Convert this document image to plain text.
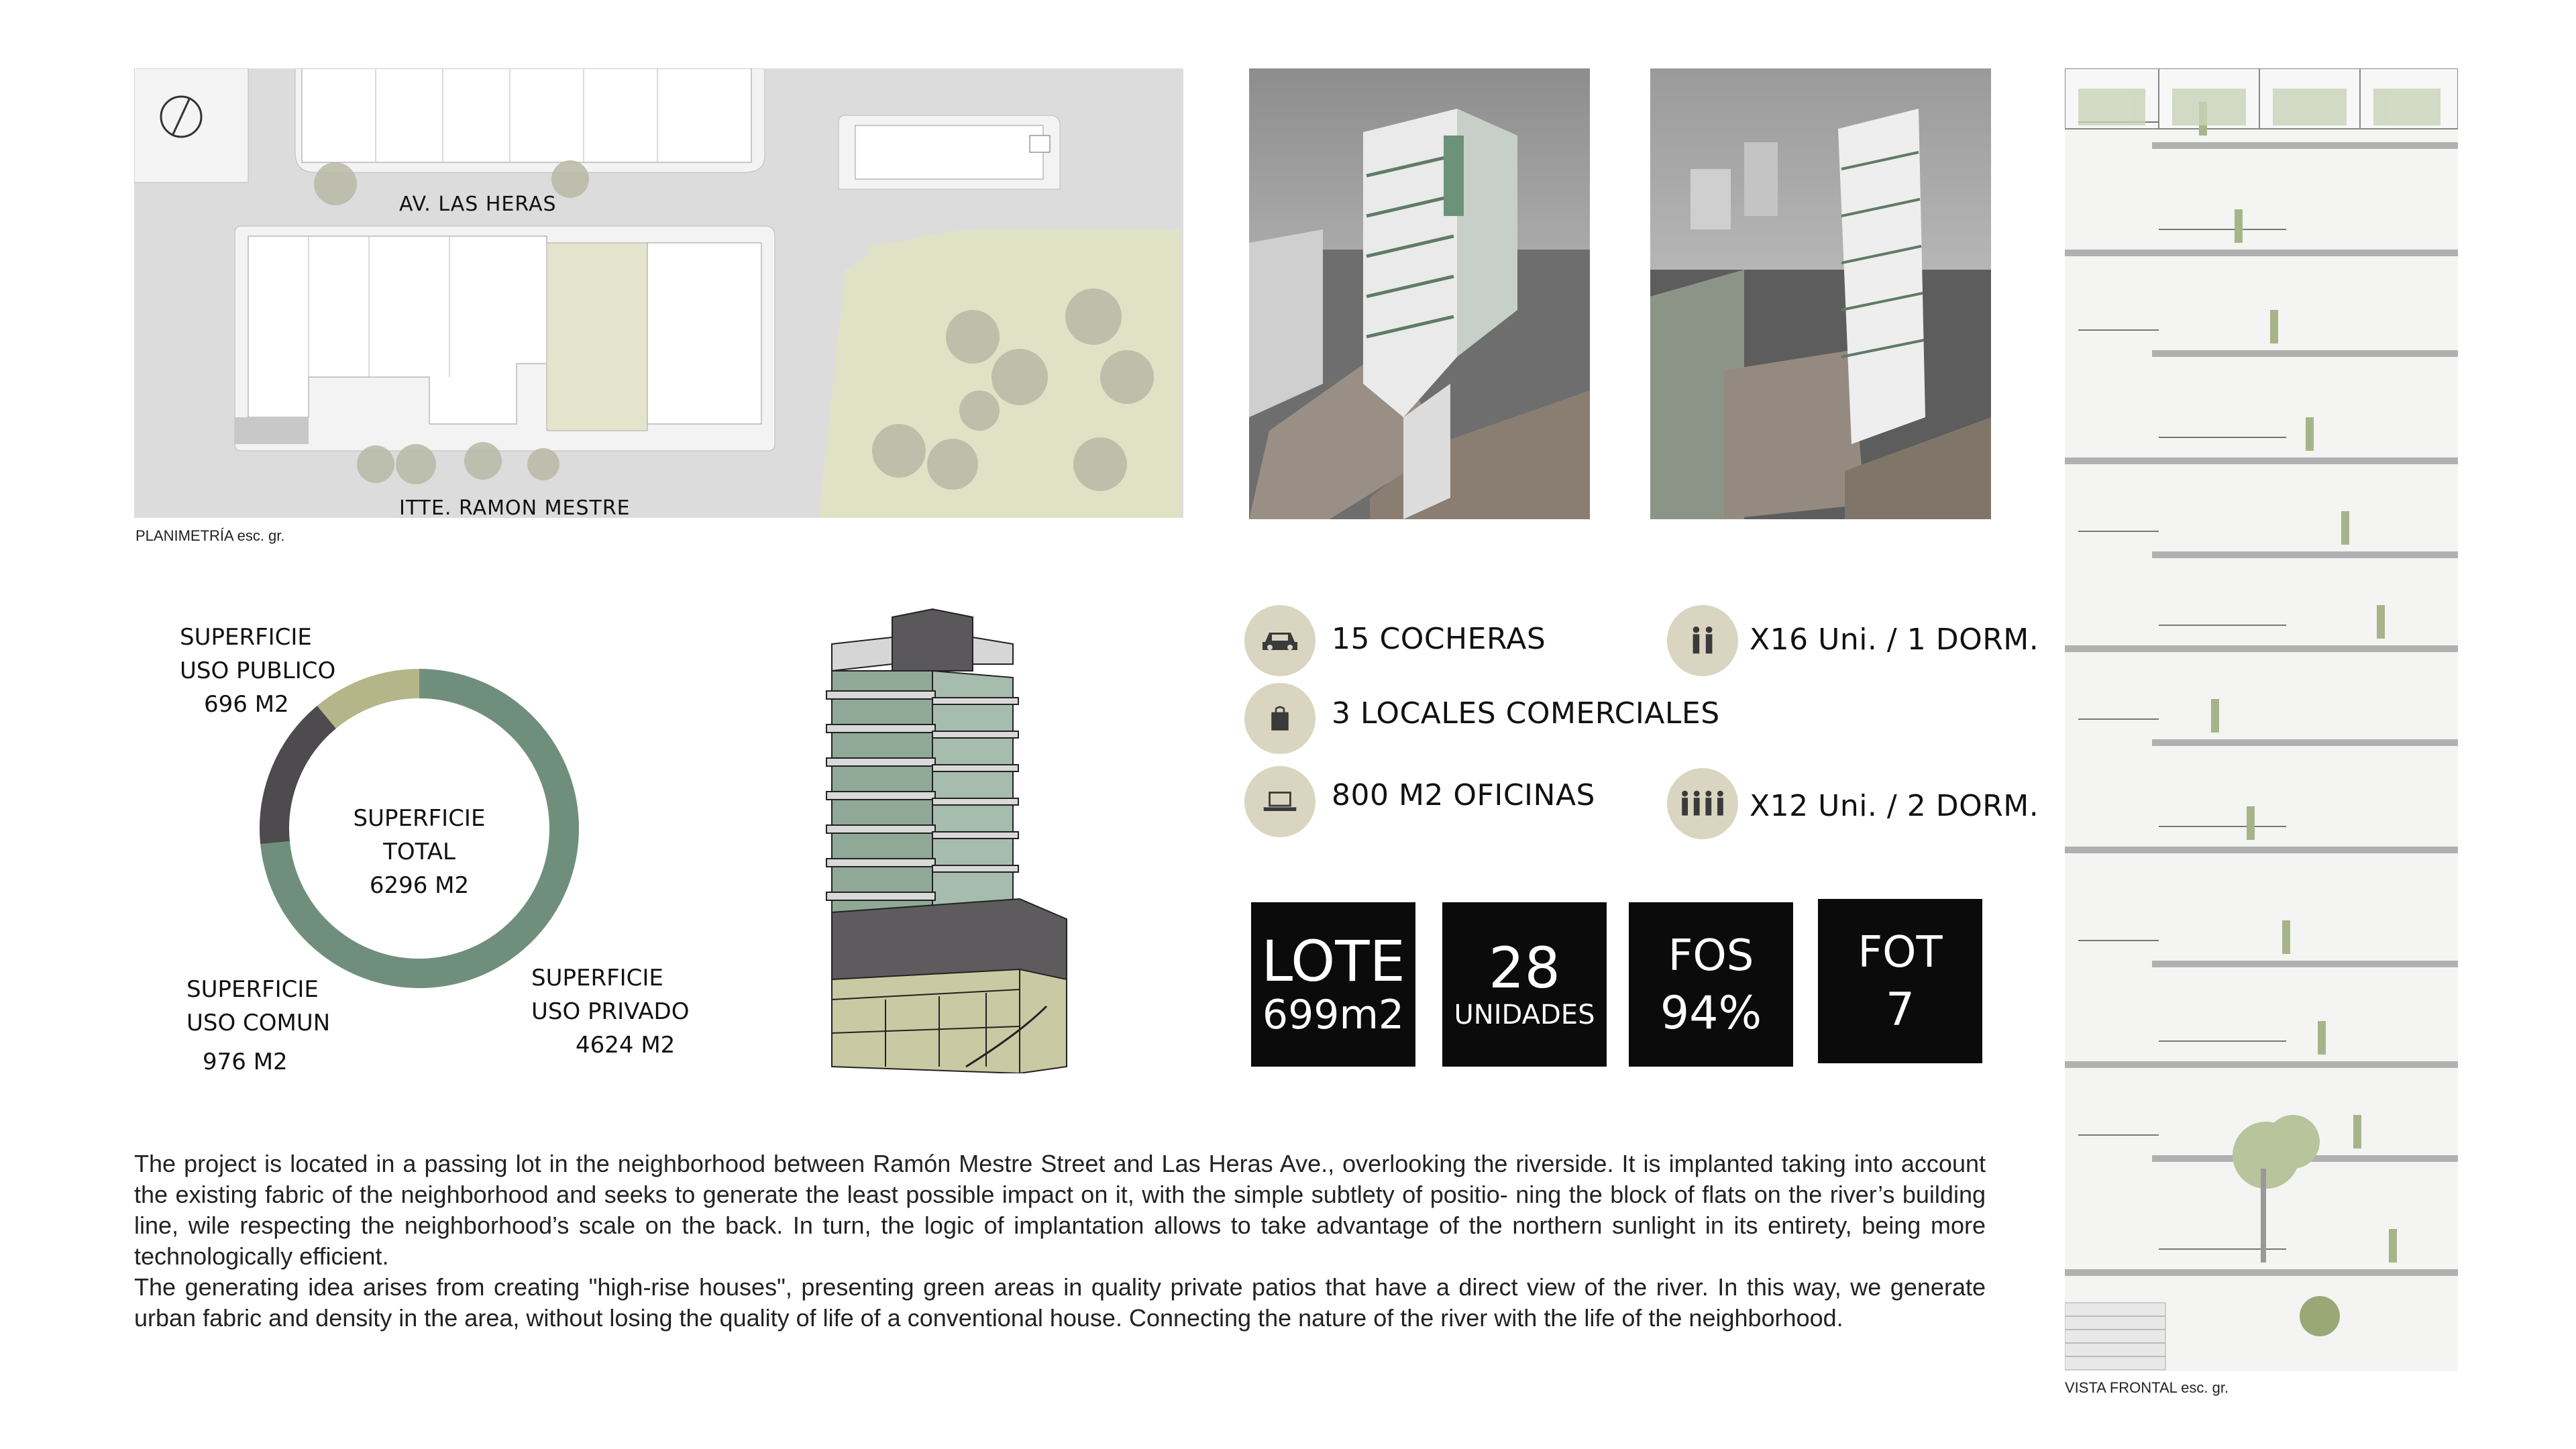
AV. LAS HERAS
ITTE. RAMON MESTRE
PLANIMETRÍA esc. gr.
SUPERFICIE TOTAL
6296 M2
SUPERFICIE
USO PUBLICO
696 M2
SUPERFICIE
USO PRIVADO
4624 M2
SUPERFICIE
USO COMUN
976 M2
15 COCHERAS
3 LOCALES COMERCIALES
800 M2 OFICINAS
X16 Uni. / 1 DORM.
X12 Uni. / 2 DORM.
LOTE
699m2
28
UNIDADES
FOS
94%
FOT
7

The project is located in a passing lot in the neighborhood between Ramón Mestre Street and Las Heras Ave., overlooking the riverside. It is implanted taking into account the existing fabric of the neighborhood and seeks to generate the least possible impact on it, with the simple subtlety of positio- ning the block of flats on the river’s building line, wile respecting the neighborhood’s scale on the back. In turn, the logic of implantation allows to take advantage of the northern sunlight in its entirety, being more technologically efficient.

The generating idea arises from creating "high-rise houses", presenting green areas in quality private patios that have a direct view of the river. In this way, we generate urban fabric and density in the area, without losing the quality of life of a conventional house. Connecting the nature of the river with the life of the neighborhood.

VISTA FRONTAL esc. gr.
